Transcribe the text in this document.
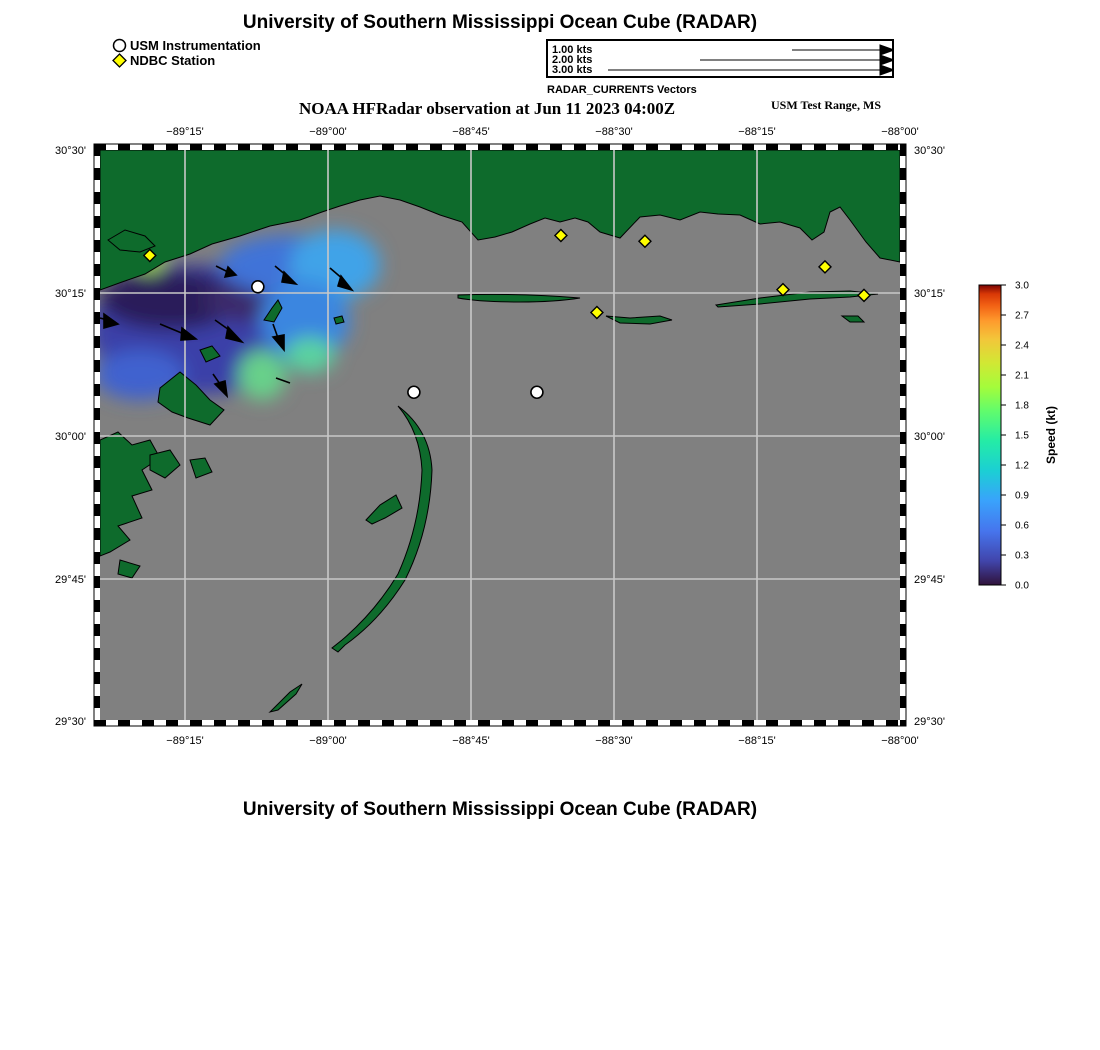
University of Southern Mississippi Ocean Cube (RADAR)
USM Instrumentation
NDBC Station
1.00 kts
2.00 kts
3.00 kts
RADAR_CURRENTS Vectors
NOAA HFRadar observation at Jun 11 2023 04:00Z	USM Test Range, MS
−89°15'	−89°00'	−88°45'	−88°30'	−88°15'	−88°00'
−89°15'	−89°00'	−88°45'	−88°30'	−88°15'	−88°00'
30°30'
30°15'
30°00'
29°45'
29°30'
30°30'
30°15'
30°00'
29°45'
29°30'
3.0
2.7
2.4
2.1
1.8
1.5
1.2
0.9
0.6
0.3
0.0
Speed (kt)
University of Southern Mississippi Ocean Cube (RADAR)
